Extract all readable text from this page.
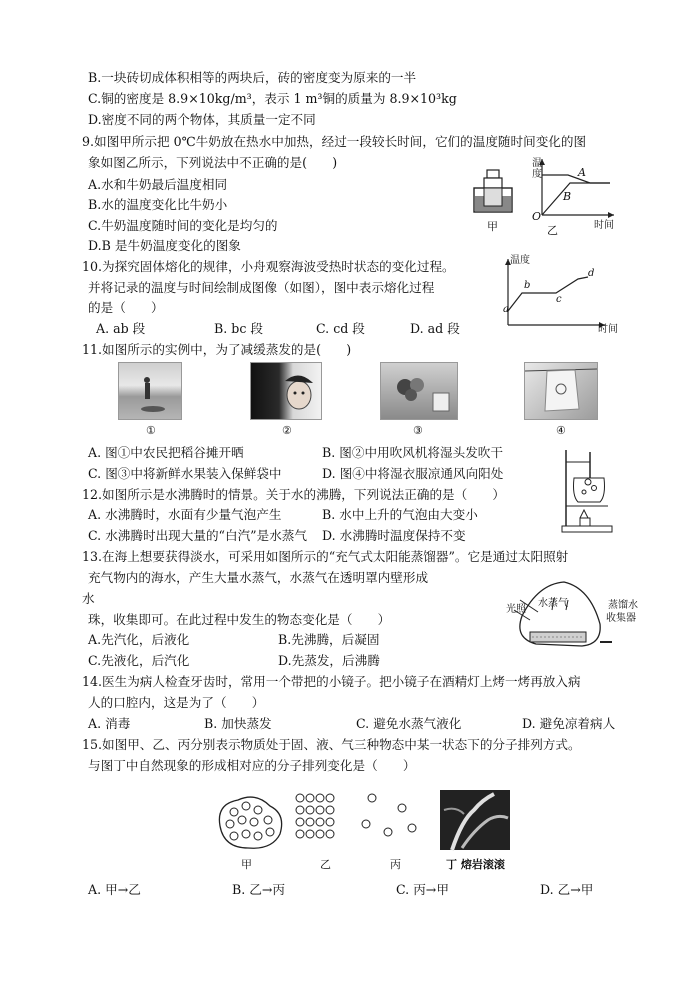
B.一块砖切成体积相等的两块后，砖的密度变为原来的一半
C.铜的密度是 8.9×10kg/m³，表示 1 m³铜的质量为 8.9×10³kg
D.密度不同的两个物体，其质量一定不同
9.如图甲所示把 0℃牛奶放在热水中加热，经过一段较长时间，它们的温度随时间变化的图
象如图乙所示，下列说法中不正确的是(　　)
A.水和牛奶最后温度相同
B.水的温度变化比牛奶小
C.牛奶温度随时间的变化是均匀的
D.B 是牛奶温度变化的图象
甲
温度
时间
A
B
O
乙
10.为探究固体熔化的规律，小舟观察海波受热时状态的变化过程。
并将记录的温度与时间绘制成图像（如图），图中表示熔化过程
的是（　　）
A. ab 段	B. bc 段	C. cd 段	D. ad 段
温度
时间
a
b
c
d
11.如图所示的实例中，为了减缓蒸发的是(　　)
①	②	③	④
A. 图①中农民把稻谷摊开晒	B. 图②中用吹风机将湿头发吹干
C. 图③中将新鲜水果装入保鲜袋中	D. 图④中将湿衣服凉通风向阳处
12.如图所示是水沸腾时的情景。关于水的沸腾，下列说法正确的是（　　）
A. 水沸腾时，水面有少量气泡产生	B. 水中上升的气泡由大变小
C. 水沸腾时出现大量的“白汽”是水蒸气 D. 水沸腾时温度保持不变
13.在海上想要获得淡水，可采用如图所示的“充气式太阳能蒸馏器”。它是通过太阳照射
充气物内的海水，产生大量水蒸气，水蒸气在透明罩内壁形成
水
珠，收集即可。在此过程中发生的物态变化是（　　）
A.先汽化，后液化	B.先沸腾，后凝固
C.先液化，后汽化	D.先蒸发，后沸腾
光照
水蒸气	蒸馏水
收集器
14.医生为病人检查牙齿时，常用一个带把的小镜子。把小镜子在酒精灯上烤一烤再放入病
人的口腔内，这是为了（　　）
A. 消毒	B. 加快蒸发	C. 避免水蒸气液化	D. 避免凉着病人
15.如图甲、乙、丙分别表示物质处于固、液、气三种物态中某一状态下的分子排列方式。
与图丁中自然现象的形成相对应的分子排列变化是（　　）
甲	乙	丙	丁 熔岩滚滚
A. 甲→乙	B. 乙→丙	C. 丙→甲	D. 乙→甲
